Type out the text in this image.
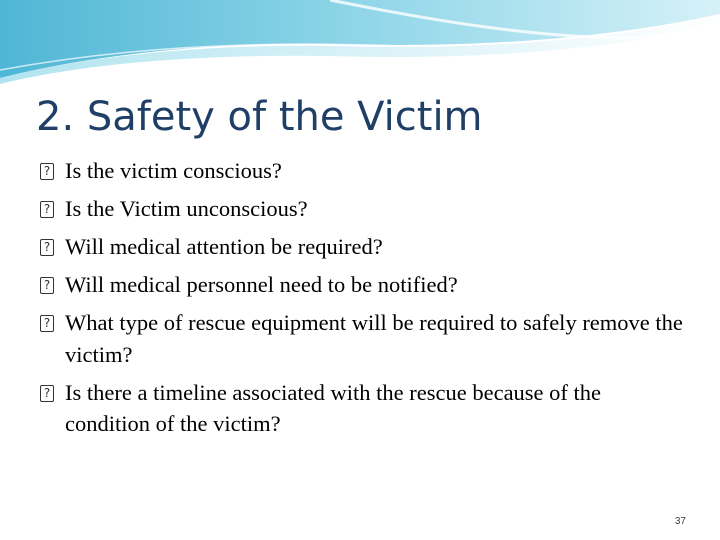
2. Safety of the Victim
?
Is the victim conscious?
?
Is the Victim unconscious?
?
Will medical attention be required?
?
Will medical personnel need to be notified?
?
What type of rescue equipment will be required to safely remove the victim?
?
Is there a timeline associated with the rescue because of the condition of the victim?
37
